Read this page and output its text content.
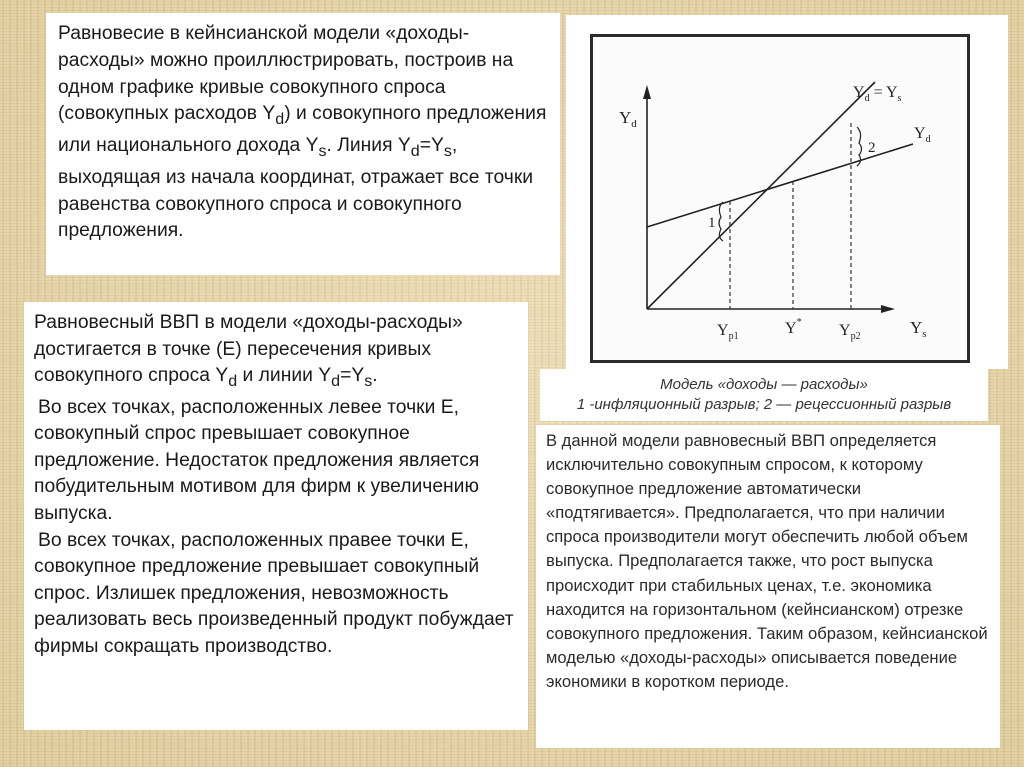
Равновесие в кейнсианской модели «доходы-расходы» можно проиллюстрировать, построив на одном графике кривые совокупного спроса (совокупных расходов $Y_d$) и совокупного предложения или национального дохода $Y_s$. Линия $Y_d=Y_s$, выходящая из начала координат, отражает все точки равенства совокупного спроса и совокупного предложения.

Равновесный ВВП в модели «доходы-расходы» достигается в точке (Е) пересечения кривых совокупного спроса $Y_d$ и линии $Y_d=Y_s$.

Во всех точках, расположенных левее точки Е, совокупный спрос превышает совокупное предложение. Недостаток предложения является побудительным мотивом для фирм к увеличению выпуска.

Во всех точках, расположенных правее точки Е, совокупное предложение превышает совокупный спрос. Излишек предложения, невозможность реализовать весь произведенный продукт побуждает фирмы сокращать производство.

$Y_d$
$Y_s$
$Y_d = Y_s$
$Y_d$
1
2
$Y_{p1}$	Y* $Y_{p2}$

Модель «доходы — расходы»

1 -инфляционный разрыв; 2 — рецессионный разрыв

В данной модели равновесный ВВП определяется исключительно совокупным спросом, к которому совокупное предложение автоматически «подтягивается». Предполагается, что при наличии спроса производители могут обеспечить любой объем выпуска. Предполагается также, что рост выпуска происходит при стабильных ценах, т.е. экономика находится на горизонтальном (кейнсианском) отрезке совокупного предложения. Таким образом, кейнсианской моделью «доходы-расходы» описывается поведение экономики в коротком периоде.
